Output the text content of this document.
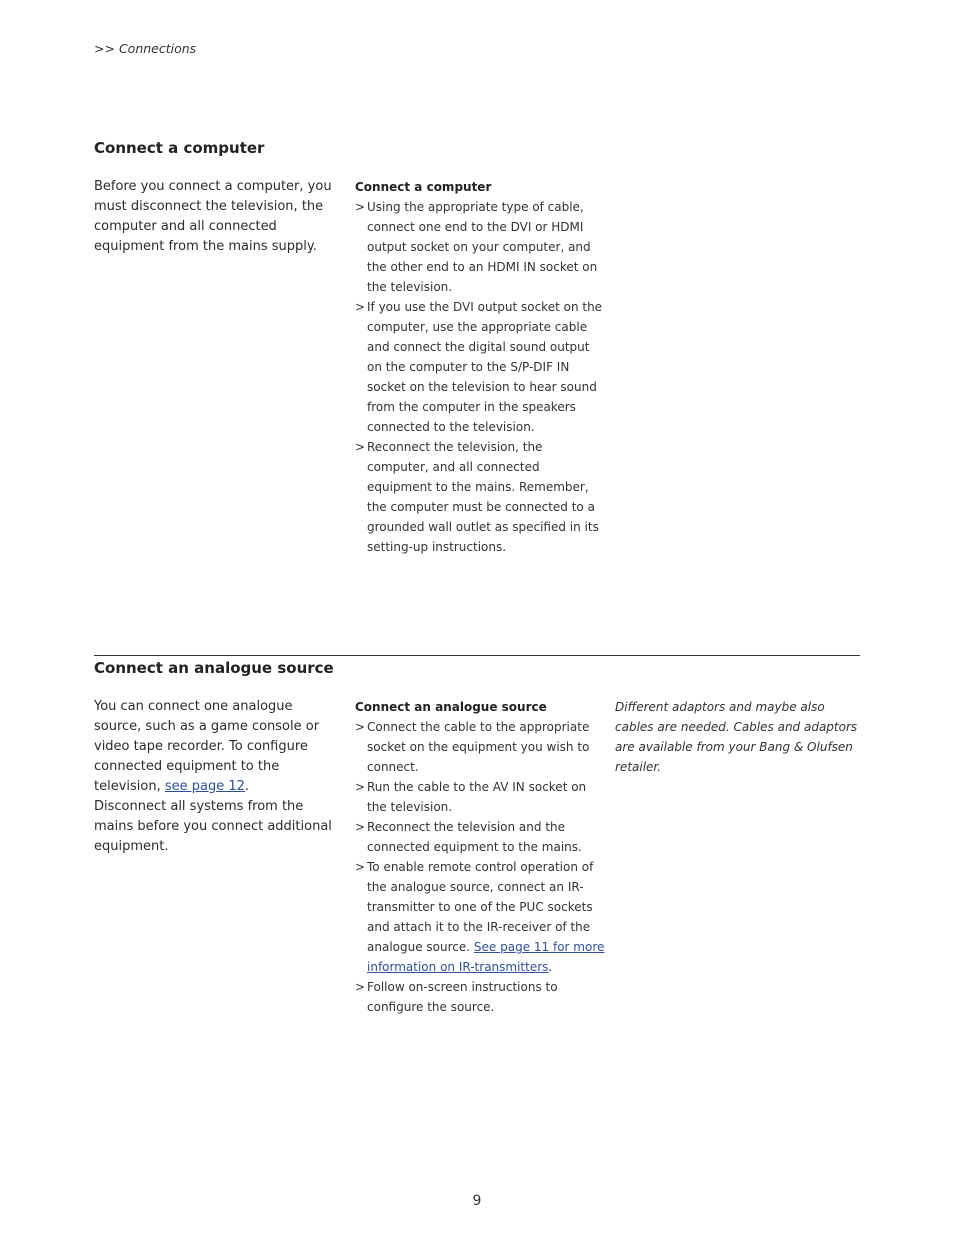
>> Connections
Connect a computer
Before you connect a computer, you must disconnect the television, the computer and all connected equipment from the mains supply.
Connect a computer
> Using the appropriate type of cable, connect one end to the DVI or HDMI output socket on your computer, and the other end to an HDMI IN socket on the television.
> If you use the DVI output socket on the computer, use the appropriate cable and connect the digital sound output on the computer to the S/P-DIF IN socket on the television to hear sound from the computer in the speakers connected to the television.
> Reconnect the television, the computer, and all connected equipment to the mains. Remember, the computer must be connected to a grounded wall outlet as specified in its setting-up instructions.
Connect an analogue source
You can connect one analogue source, such as a game console or video tape recorder. To configure connected equipment to the television, see page 12.
Disconnect all systems from the mains before you connect additional equipment.
Connect an analogue source
> Connect the cable to the appropriate socket on the equipment you wish to connect.
> Run the cable to the AV IN socket on the television.
> Reconnect the television and the connected equipment to the mains.
> To enable remote control operation of the analogue source, connect an IR-transmitter to one of the PUC sockets and attach it to the IR-receiver of the analogue source. See page 11 for more information on IR-transmitters.
> Follow on-screen instructions to configure the source.
Different adaptors and maybe also cables are needed. Cables and adaptors are available from your Bang & Olufsen retailer.
9
